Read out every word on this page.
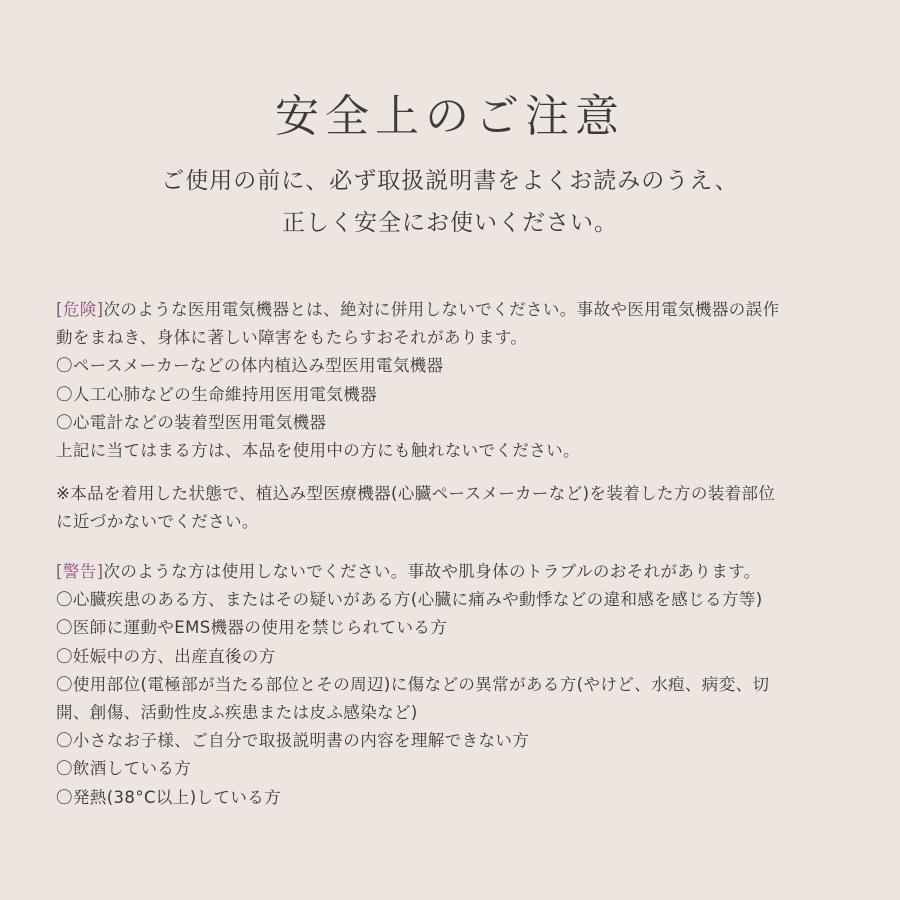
安全上のご注意
ご使用の前に、必ず取扱説明書をよくお読みのうえ、
正しく安全にお使いください。
[危険]次のような医用電気機器とは、絶対に併用しないでください。事故や医用電気機器の誤作
動をまねき、身体に著しい障害をもたらすおそれがあります。
〇ペースメーカーなどの体内植込み型医用電気機器
〇人工心肺などの生命維持用医用電気機器
〇心電計などの装着型医用電気機器
上記に当てはまる方は、本品を使用中の方にも触れないでください。
※本品を着用した状態で、植込み型医療機器(心臓ペースメーカーなど)を装着した方の装着部位
に近づかないでください。
[警告]次のような方は使用しないでください。事故や肌身体のトラブルのおそれがあります。
〇心臓疾患のある方、またはその疑いがある方(心臓に痛みや動悸などの違和感を感じる方等)
〇医師に運動やEMS機器の使用を禁じられている方
〇妊娠中の方、出産直後の方
〇使用部位(電極部が当たる部位とその周辺)に傷などの異常がある方(やけど、水疱、病変、切
開、創傷、活動性皮ふ疾患または皮ふ感染など)
〇小さなお子様、ご自分で取扱説明書の内容を理解できない方
〇飲酒している方
〇発熱(38°C以上)している方
